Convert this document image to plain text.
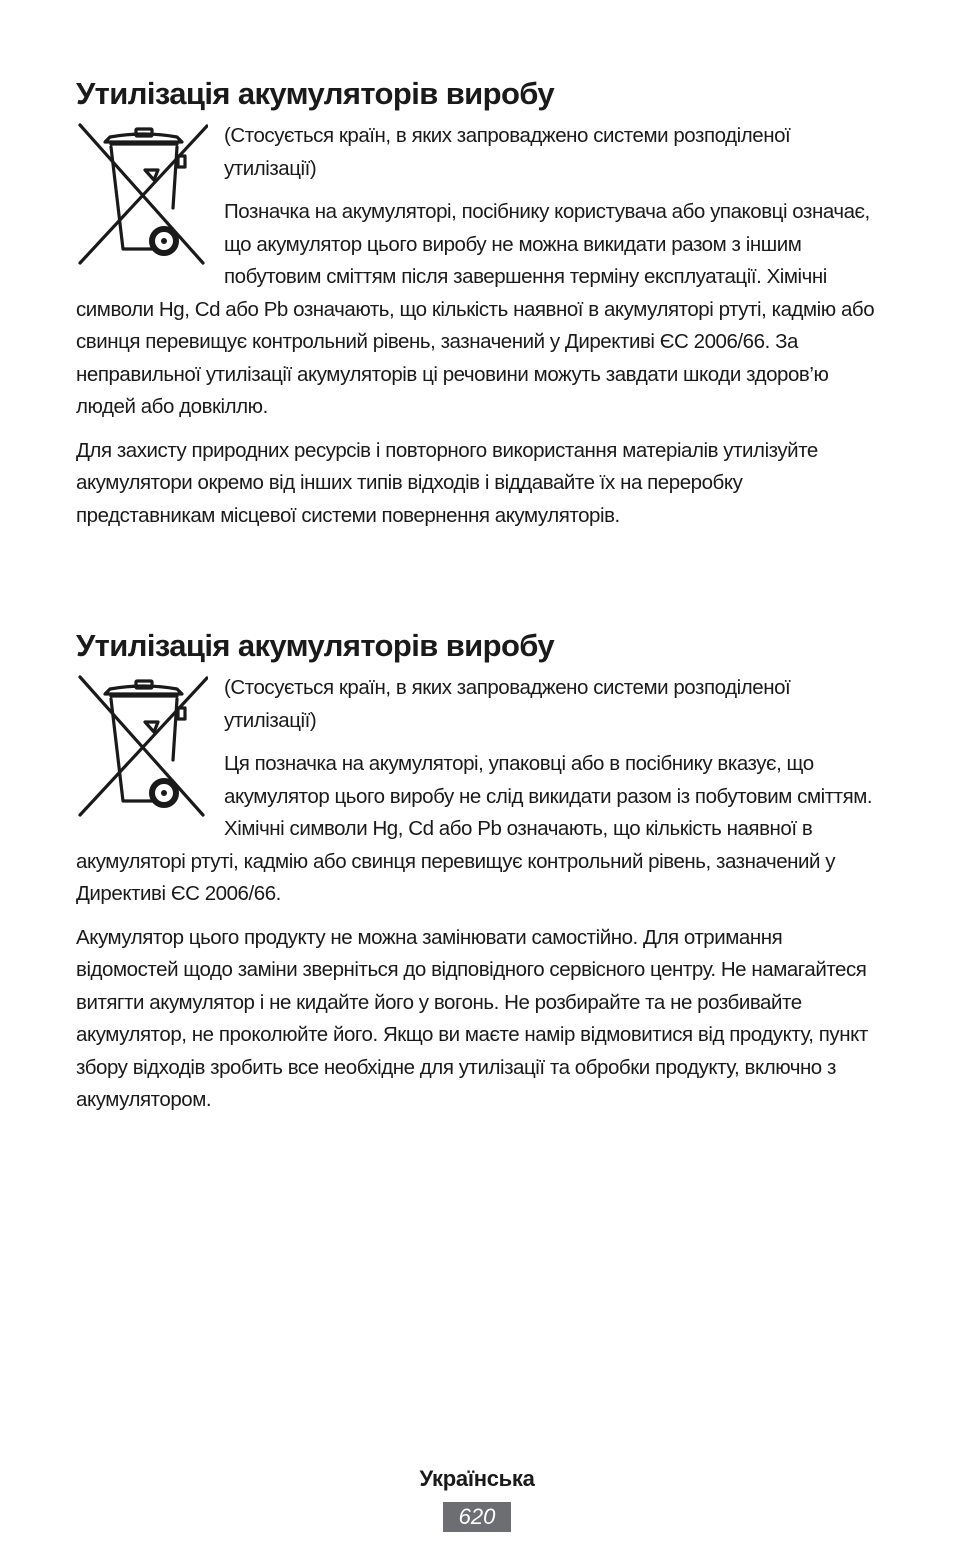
Утилізація акумуляторів виробу

(Стосується країн, в яких запроваджено системи розподіленої утилізації)

Позначка на акумуляторі, посібнику користувача або упаковці означає, що акумулятор цього виробу не можна викидати разом з іншим побутовим сміттям після завершення терміну експлуатації. Хімічні символи Hg, Cd або Pb означають, що кількість наявної в акумуляторі ртуті, кадмію або свинця перевищує контрольний рівень, зазначений у Директиві ЄС 2006/66. За неправильної утилізації акумуляторів ці речовини можуть завдати шкоди здоров’ю людей або довкіллю.

Для захисту природних ресурсів і повторного використання матеріалів утилізуйте акумулятори окремо від інших типів відходів і віддавайте їх на переробку представникам місцевої системи повернення акумуляторів.

Утилізація акумуляторів виробу

(Стосується країн, в яких запроваджено системи розподіленої утилізації)

Ця позначка на акумуляторі, упаковці або в посібнику вказує, що акумулятор цього виробу не слід викидати разом із побутовим сміттям. Хімічні символи Hg, Cd або Pb означають, що кількість наявної в акумуляторі ртуті, кадмію або свинця перевищує контрольний рівень, зазначений у Директиві ЄС 2006/66.

Акумулятор цього продукту не можна замінювати самостійно. Для отримання відомостей щодо заміни зверніться до відповідного сервісного центру. Не намагайтеся витягти акумулятор і не кидайте його у вогонь. Не розбирайте та не розбивайте акумулятор, не проколюйте його. Якщо ви маєте намір відмовитися від продукту, пункт збору відходів зробить все необхідне для утилізації та обробки продукту, включно з акумулятором.

Українська

620
